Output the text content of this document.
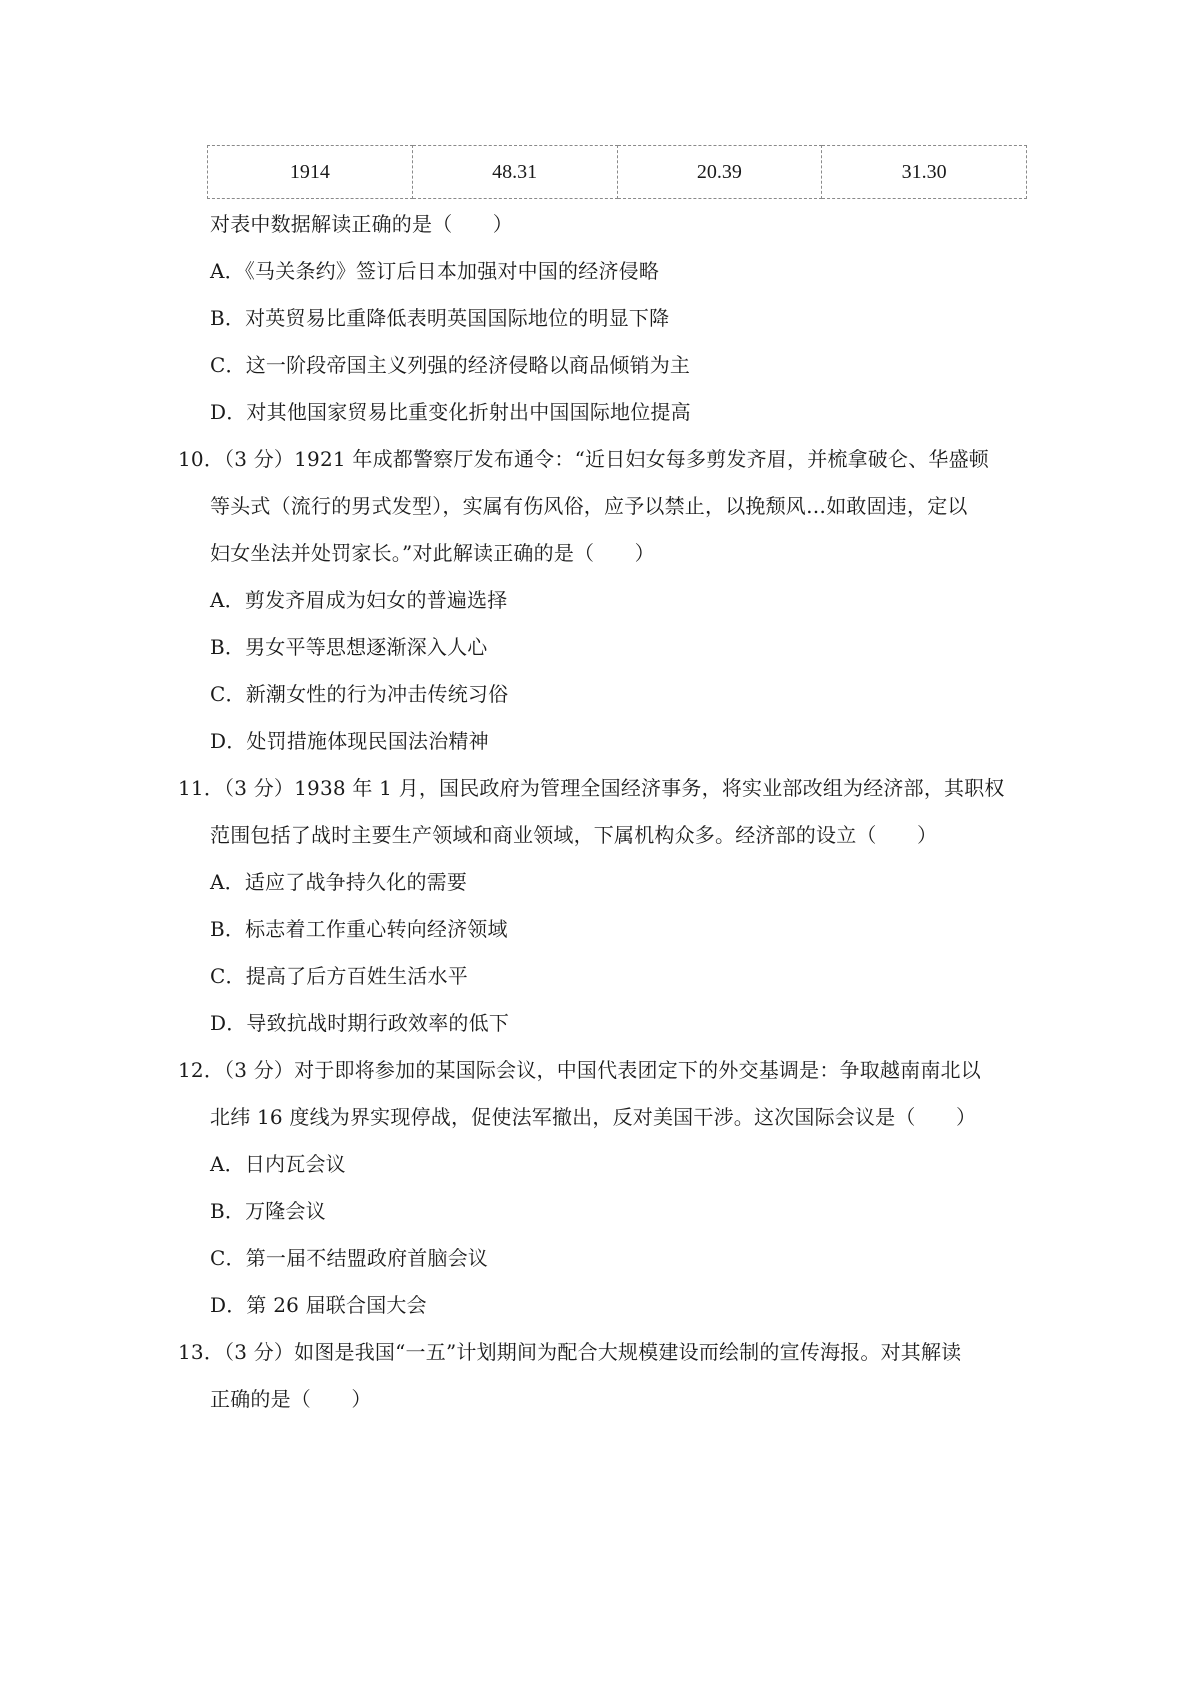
1914	48.31	20.39	31.30
对表中数据解读正确的是（　　）
A．《马关条约》签订后日本加强对中国的经济侵略
B．对英贸易比重降低表明英国国际地位的明显下降
C．这一阶段帝国主义列强的经济侵略以商品倾销为主
D．对其他国家贸易比重变化折射出中国国际地位提高
10．（3 分）1921 年成都警察厅发布通令：“近日妇女每多剪发齐眉，并梳拿破仑、华盛顿
等头式（流行的男式发型），实属有伤风俗，应予以禁止，以挽颓风…如敢固违，定以
妇女坐法并处罚家长。”对此解读正确的是（　　）
A．剪发齐眉成为妇女的普遍选择
B．男女平等思想逐渐深入人心
C．新潮女性的行为冲击传统习俗
D．处罚措施体现民国法治精神
11．（3 分）1938 年 1 月，国民政府为管理全国经济事务，将实业部改组为经济部，其职权
范围包括了战时主要生产领域和商业领域，下属机构众多。经济部的设立（　　）
A．适应了战争持久化的需要
B．标志着工作重心转向经济领域
C．提高了后方百姓生活水平
D．导致抗战时期行政效率的低下
12．（3 分）对于即将参加的某国际会议，中国代表团定下的外交基调是：争取越南南北以
北纬 16 度线为界实现停战，促使法军撤出，反对美国干涉。这次国际会议是（　　）
A．日内瓦会议
B．万隆会议
C．第一届不结盟政府首脑会议
D．第 26 届联合国大会
13．（3 分）如图是我国“一五”计划期间为配合大规模建设而绘制的宣传海报。对其解读
正确的是（　　）
